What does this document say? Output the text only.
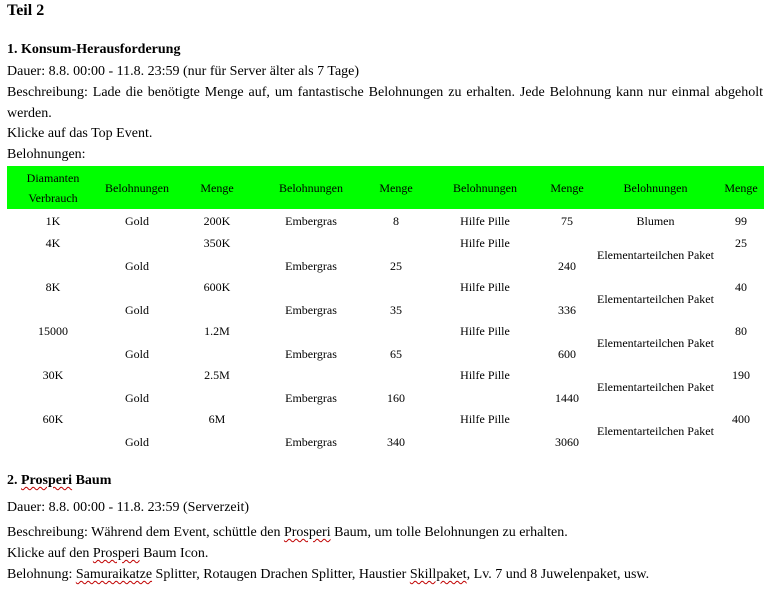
Teil 2
1. Konsum-Herausforderung
Dauer: 8.8. 00:00 - 11.8. 23:59 (nur für Server älter als 7 Tage)
Beschreibung: Lade die benötigte Menge auf, um fantastische Belohnungen zu erhalten. Jede Belohnung kann nur einmal abgeholt werden.
Klicke auf das Top Event.
Belohnungen:
Diamanten Verbrauch	Belohnungen	Menge	Belohnungen	Menge	Belohnungen	Menge	Belohnungen	Menge
1K	Gold	200K	Embergras	8	Hilfe Pille	75	Blumen	99

4K	Gold	350K	Embergras	25	Hilfe Pille	240	Elementarteilchen Paket	25

8K	Gold	600K	Embergras	35	Hilfe Pille	336	Elementarteilchen Paket	40

15000	Gold	1.2M	Embergras	65	Hilfe Pille	600	Elementarteilchen Paket	80

30K	Gold	2.5M	Embergras	160	Hilfe Pille	1440	Elementarteilchen Paket	190

60K	Gold	6M	Embergras	340	Hilfe Pille	3060	Elementarteilchen Paket	400
2. Prosperi Baum
Dauer: 8.8. 00:00 - 11.8. 23:59 (Serverzeit)
Beschreibung: Während dem Event, schüttle den Prosperi Baum, um tolle Belohnungen zu erhalten.
Klicke auf den Prosperi Baum Icon.
Belohnung: Samuraikatze Splitter, Rotaugen Drachen Splitter, Haustier Skillpaket, Lv. 7 und 8 Juwelenpaket, usw.
